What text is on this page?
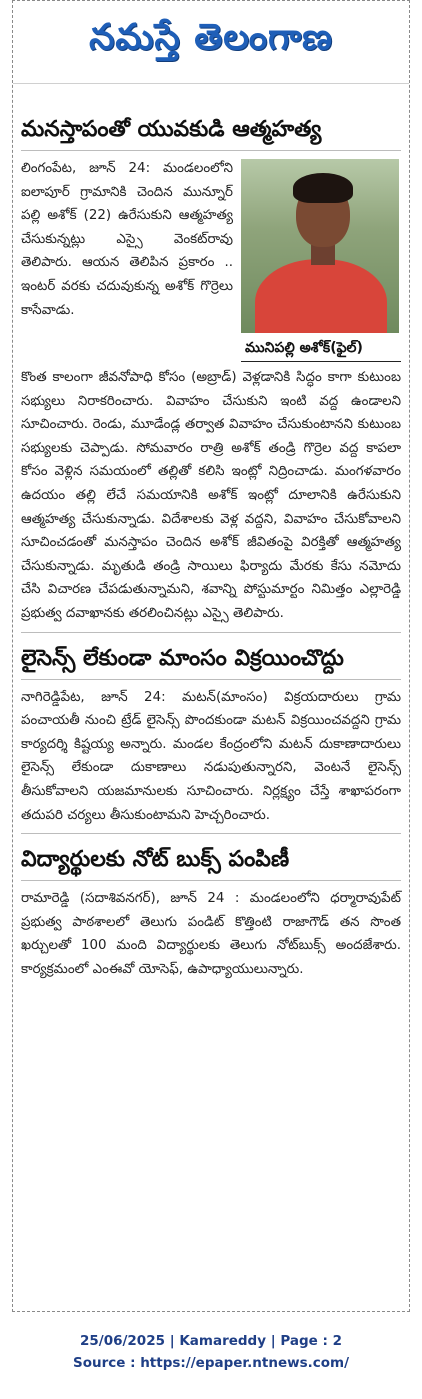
నమస్తే తెలంగాణ
మనస్తాపంతో యువకుడి ఆత్మహత్య
మునిపల్లి అశోక్(ఫైల్)

లింగంపేట, జూన్ 24: మండలంలోని ఐలాపూర్ గ్రామానికి చెందిన మున్నూర్ పల్లి అశోక్ (22) ఉరేసుకుని ఆత్మహత్య చేసుకున్నట్లు ఎస్సై వెంకట్‌రావు తెలిపారు. ఆయన తెలిపిన ప్రకారం .. ఇంటర్ వరకు చదువుకున్న అశోక్ గొర్రెలు కాసేవాడు.

కొంత కాలంగా జీవనోపాధి కోసం (అబ్రాడ్) వెళ్లడానికి సిద్ధం కాగా కుటుంబ సభ్యులు నిరాకరించారు. వివాహం చేసుకుని ఇంటి వద్ద ఉండాలని సూచించారు. రెండు, మూడేండ్ల తర్వాత వివాహం చేసుకుంటానని కుటుంబ సభ్యులకు చెప్పాడు. సోమవారం రాత్రి అశోక్ తండ్రి గొర్రెల వద్ద కాపలా కోసం వెళ్లిన సమయంలో తల్లితో కలిసి ఇంట్లో నిద్రించాడు. మంగళవారం ఉదయం తల్లి లేచే సమయానికి అశోక్ ఇంట్లో దూలానికి ఉరేసుకుని ఆత్మహత్య చేసుకున్నాడు. విదేశాలకు వెళ్ల వద్దని, వివాహం చేసుకోవాలని సూచించడంతో మనస్తాపం చెందిన అశోక్ జీవితంపై విరక్తితో ఆత్మహత్య చేసుకున్నాడు. మృతుడి తండ్రి సాయిలు ఫిర్యాదు మేరకు కేసు నమోదు చేసి విచారణ చేపడుతున్నామని, శవాన్ని పోస్టుమార్టం నిమిత్తం ఎల్లారెడ్డి ప్రభుత్వ దవాఖానకు తరలించినట్లు ఎస్సై తెలిపారు.

లైసెన్స్ లేకుండా మాంసం విక్రయించొద్దు

నాగిరెడ్డిపేట, జూన్ 24: మటన్(మాంసం) విక్రయదారులు గ్రామ పంచాయతీ నుంచి ట్రేడ్ లైసెన్స్ పొందకుండా మటన్ విక్రయించవద్దని గ్రామ కార్యదర్శి కిష్టయ్య అన్నారు. మండల కేంద్రంలోని మటన్ దుకాణాదారులు లైసెన్స్ లేకుండా దుకాణాలు నడుపుతున్నారని, వెంటనే లైసెన్స్ తీసుకోవాలని యజమానులకు సూచించారు. నిర్లక్ష్యం చేస్తే శాఖాపరంగా తదుపరి చర్యలు తీసుకుంటామని హెచ్చరించారు.

విద్యార్థులకు నోట్ బుక్స్ పంపిణీ

రామారెడ్డి (సదాశివనగర్), జూన్ 24 : మండలంలోని ధర్మారావుపేట్ ప్రభుత్వ పాఠశాలలో తెలుగు పండిట్ కొత్తింటి రాజాగౌడ్ తన సొంత ఖర్చులతో 100 మంది విద్యార్థులకు తెలుగు నోట్‌బుక్స్ అందజేశారు. కార్యక్రమంలో ఎంఈవో యోసెఫ్, ఉపాధ్యాయులున్నారు.

25/06/2025 | Kamareddy | Page : 2
Source : https://epaper.ntnews.com/
